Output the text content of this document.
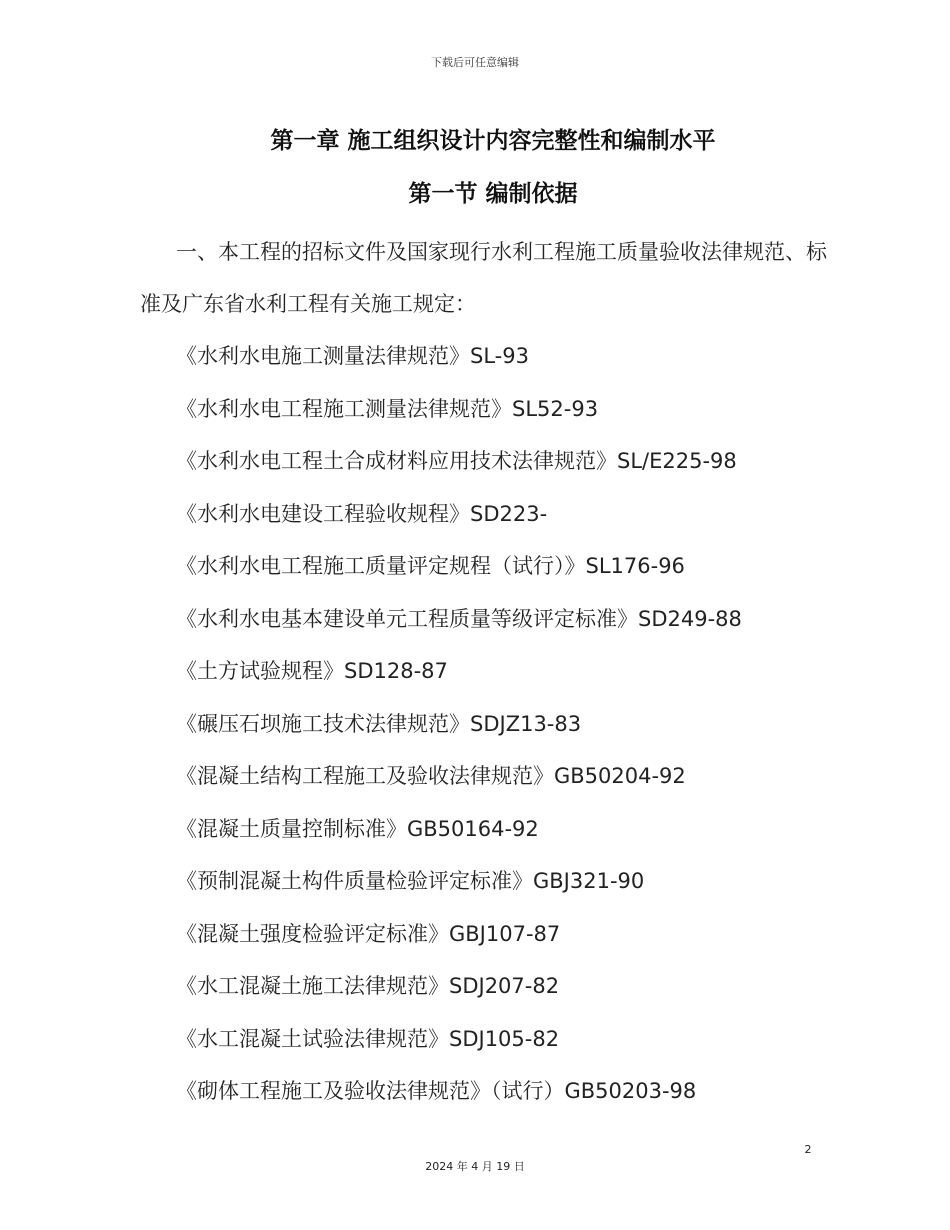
下载后可任意编辑
第一章 施工组织设计内容完整性和编制水平
第一节 编制依据

一、本工程的招标文件及国家现行水利工程施工质量验收法律规范、标准及广东省水利工程有关施工规定：

《水利水电施工测量法律规范》SL-93
《水利水电工程施工测量法律规范》SL52-93
《水利水电工程土合成材料应用技术法律规范》SL/E225-98
《水利水电建设工程验收规程》SD223-
《水利水电工程施工质量评定规程（试行）》SL176-96
《水利水电基本建设单元工程质量等级评定标准》SD249-88
《土方试验规程》SD128-87
《碾压石坝施工技术法律规范》SDJZ13-83
《混凝土结构工程施工及验收法律规范》GB50204-92
《混凝土质量控制标准》GB50164-92
《预制混凝土构件质量检验评定标准》GBJ321-90
《混凝土强度检验评定标准》GBJ107-87
《水工混凝土施工法律规范》SDJ207-82
《水工混凝土试验法律规范》SDJ105-82
《砌体工程施工及验收法律规范》（试行）GB50203-98
2
2024 年 4 月 19 日
